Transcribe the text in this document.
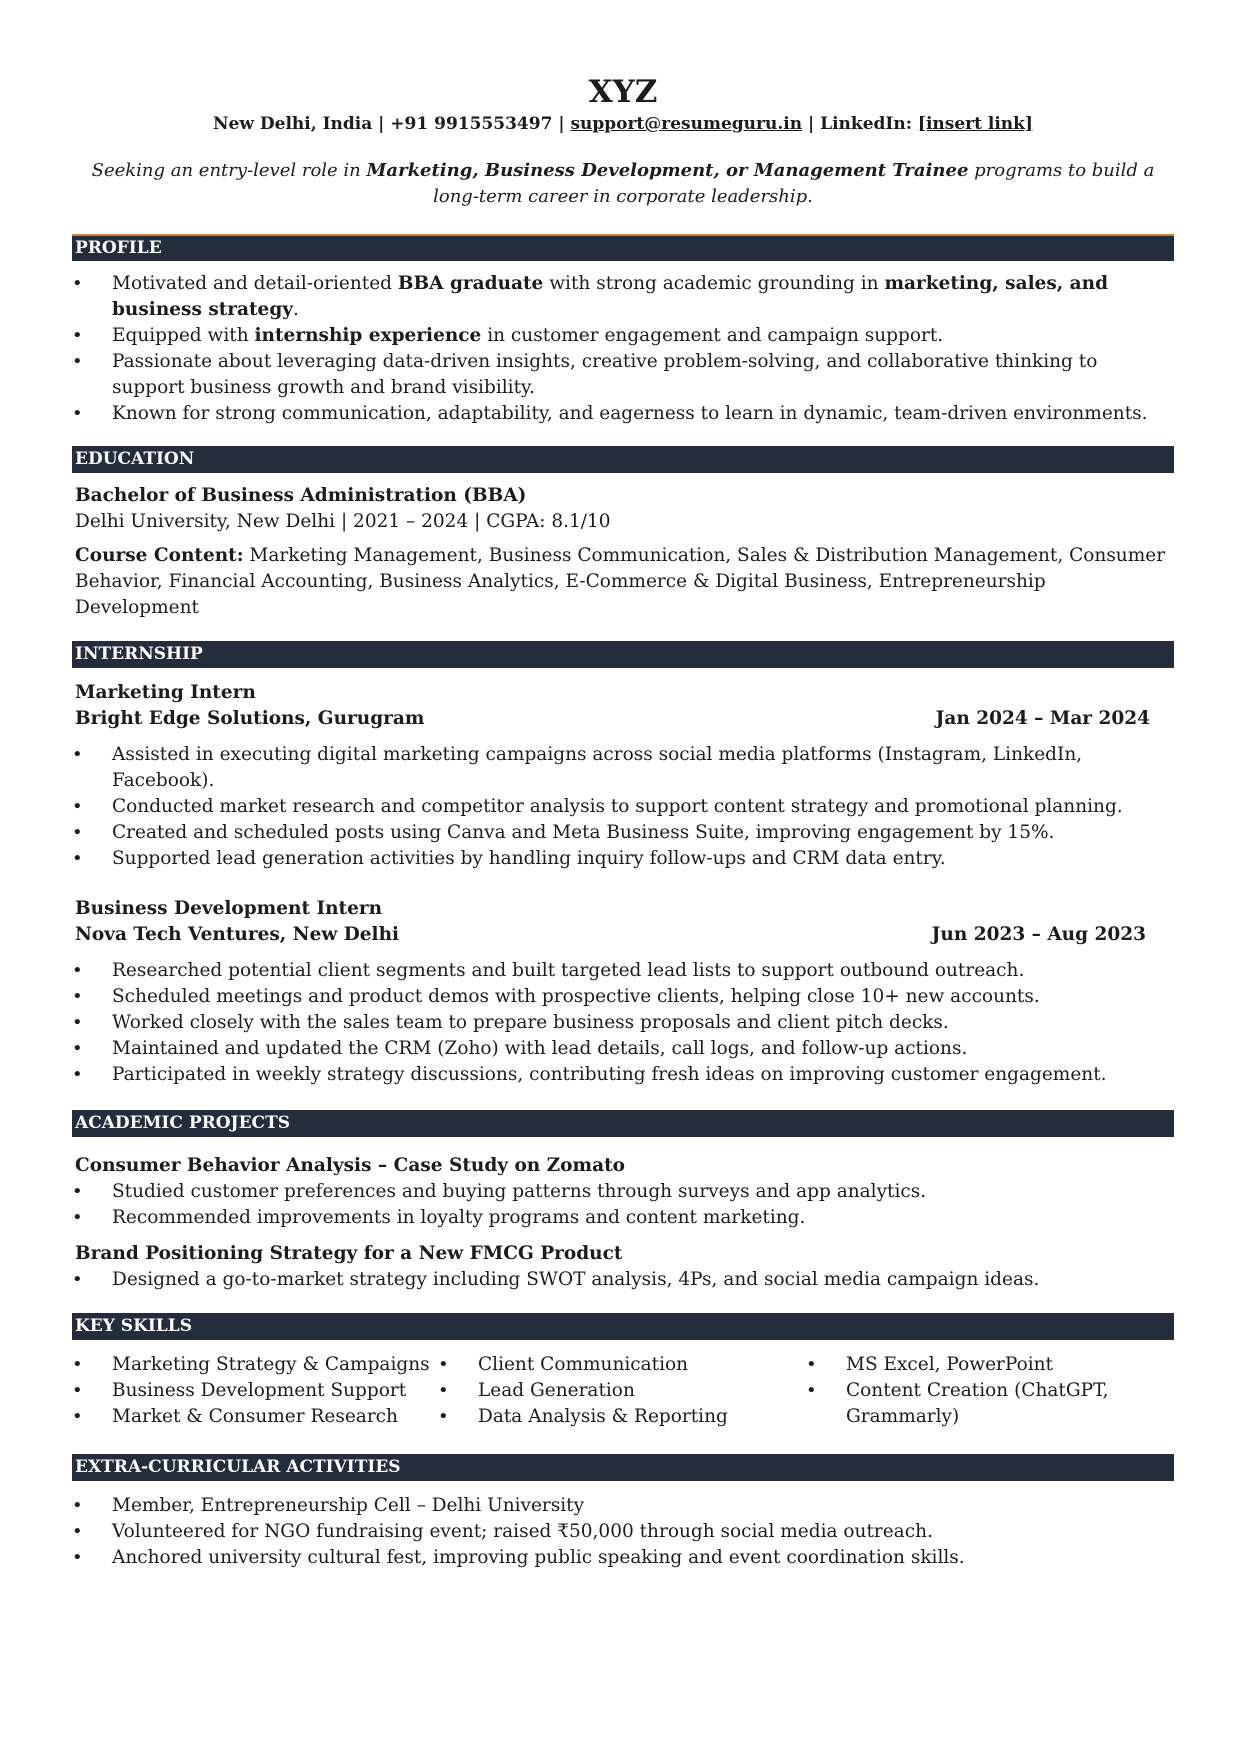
XYZ
New Delhi, India | +91 9915553497 | support@resumeguru.in | LinkedIn: [insert link]
Seeking an entry-level role in Marketing, Business Development, or Management Trainee programs to build a long-term career in corporate leadership.
PROFILE
• Motivated and detail-oriented BBA graduate with strong academic grounding in marketing, sales, and business strategy.
• Equipped with internship experience in customer engagement and campaign support.
• Passionate about leveraging data-driven insights, creative problem-solving, and collaborative thinking to support business growth and brand visibility.
• Known for strong communication, adaptability, and eagerness to learn in dynamic, team-driven environments.
EDUCATION
Bachelor of Business Administration (BBA)
Delhi University, New Delhi | 2021 – 2024 | CGPA: 8.1/10
Course Content: Marketing Management, Business Communication, Sales & Distribution Management, Consumer Behavior, Financial Accounting, Business Analytics, E-Commerce & Digital Business, Entrepreneurship Development
INTERNSHIP
Marketing Intern
Bright Edge Solutions, Gurugram	Jan 2024 – Mar 2024
• Assisted in executing digital marketing campaigns across social media platforms (Instagram, LinkedIn, Facebook).
• Conducted market research and competitor analysis to support content strategy and promotional planning.
• Created and scheduled posts using Canva and Meta Business Suite, improving engagement by 15%.
• Supported lead generation activities by handling inquiry follow-ups and CRM data entry.
Business Development Intern
Nova Tech Ventures, New Delhi	Jun 2023 – Aug 2023
• Researched potential client segments and built targeted lead lists to support outbound outreach.
• Scheduled meetings and product demos with prospective clients, helping close 10+ new accounts.
• Worked closely with the sales team to prepare business proposals and client pitch decks.
• Maintained and updated the CRM (Zoho) with lead details, call logs, and follow-up actions.
• Participated in weekly strategy discussions, contributing fresh ideas on improving customer engagement.
ACADEMIC PROJECTS
Consumer Behavior Analysis – Case Study on Zomato
• Studied customer preferences and buying patterns through surveys and app analytics.
• Recommended improvements in loyalty programs and content marketing.
Brand Positioning Strategy for a New FMCG Product
• Designed a go-to-market strategy including SWOT analysis, 4Ps, and social media campaign ideas.
KEY SKILLS
• Marketing Strategy & Campaigns
• Business Development Support
• Market & Consumer Research
• Client Communication
• Lead Generation
• Data Analysis & Reporting
• MS Excel, PowerPoint
• Content Creation (ChatGPT, Grammarly)
EXTRA-CURRICULAR ACTIVITIES
• Member, Entrepreneurship Cell – Delhi University
• Volunteered for NGO fundraising event; raised ₹50,000 through social media outreach.
• Anchored university cultural fest, improving public speaking and event coordination skills.
